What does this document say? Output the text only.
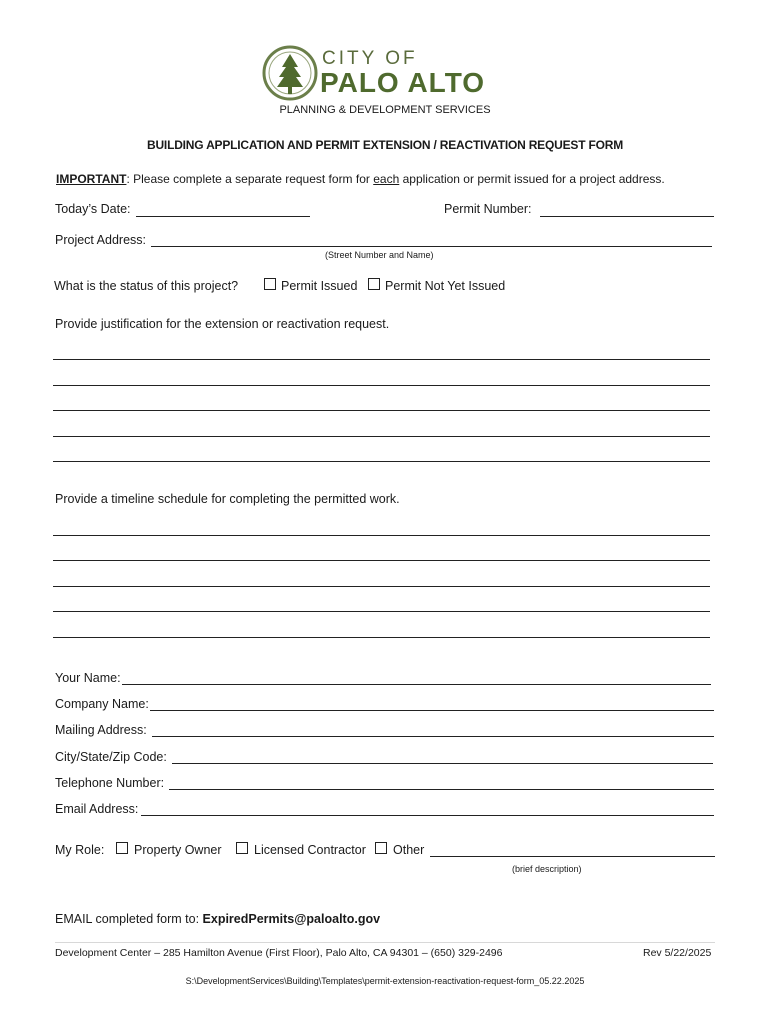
CITY OF
PALO ALTO
PLANNING & DEVELOPMENT SERVICES
BUILDING APPLICATION AND PERMIT EXTENSION / REACTIVATION REQUEST FORM
IMPORTANT: Please complete a separate request form for each application or permit issued for a project address.
Today’s Date:	Permit Number:
Project Address:
(Street Number and Name)
What is the status of this project?	Permit Issued Permit Not Yet Issued
Provide justification for the extension or reactivation request.
Provide a timeline schedule for completing the permitted work.
Your Name:
Company Name:
Mailing Address:
City/State/Zip Code:
Telephone Number:
Email Address:
My Role: Property Owner	Licensed Contractor Other
(brief description)
EMAIL completed form to: ExpiredPermits@paloalto.gov
Development Center – 285 Hamilton Avenue (First Floor), Palo Alto, CA 94301 – (650) 329-2496	Rev 5/22/2025
S:\DevelopmentServices\Building\Templates\permit-extension-reactivation-request-form_05.22.2025
